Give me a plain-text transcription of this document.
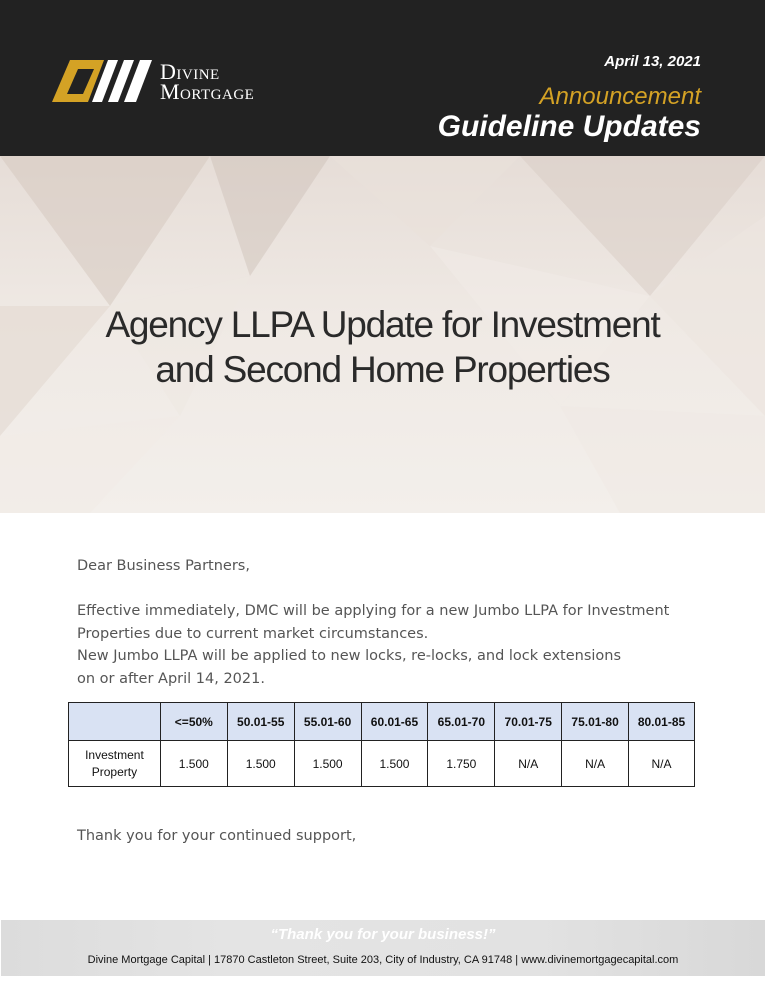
Divine
Mortgage
April 13, 2021
Announcement
Guideline Updates
Agency LLPA Update for Investment
and Second Home Properties
Dear Business Partners,
Effective immediately, DMC will be applying for a new Jumbo LLPA for Investment
Properties due to current market circumstances.
New Jumbo LLPA will be applied to new locks, re-locks, and lock extensions
on or after April 14, 2021.
	<=50%	50.01-55	55.01-60	60.01-65	65.01-70	70.01-75	75.01-80	80.01-85
Investment
Property	1.500	1.500	1.500	1.500	1.750	N/A	N/A	N/A
Thank you for your continued support,
“Thank you for your business!”
Divine Mortgage Capital | 17870 Castleton Street, Suite 203, City of Industry, CA 91748 | www.divinemortgagecapital.com
